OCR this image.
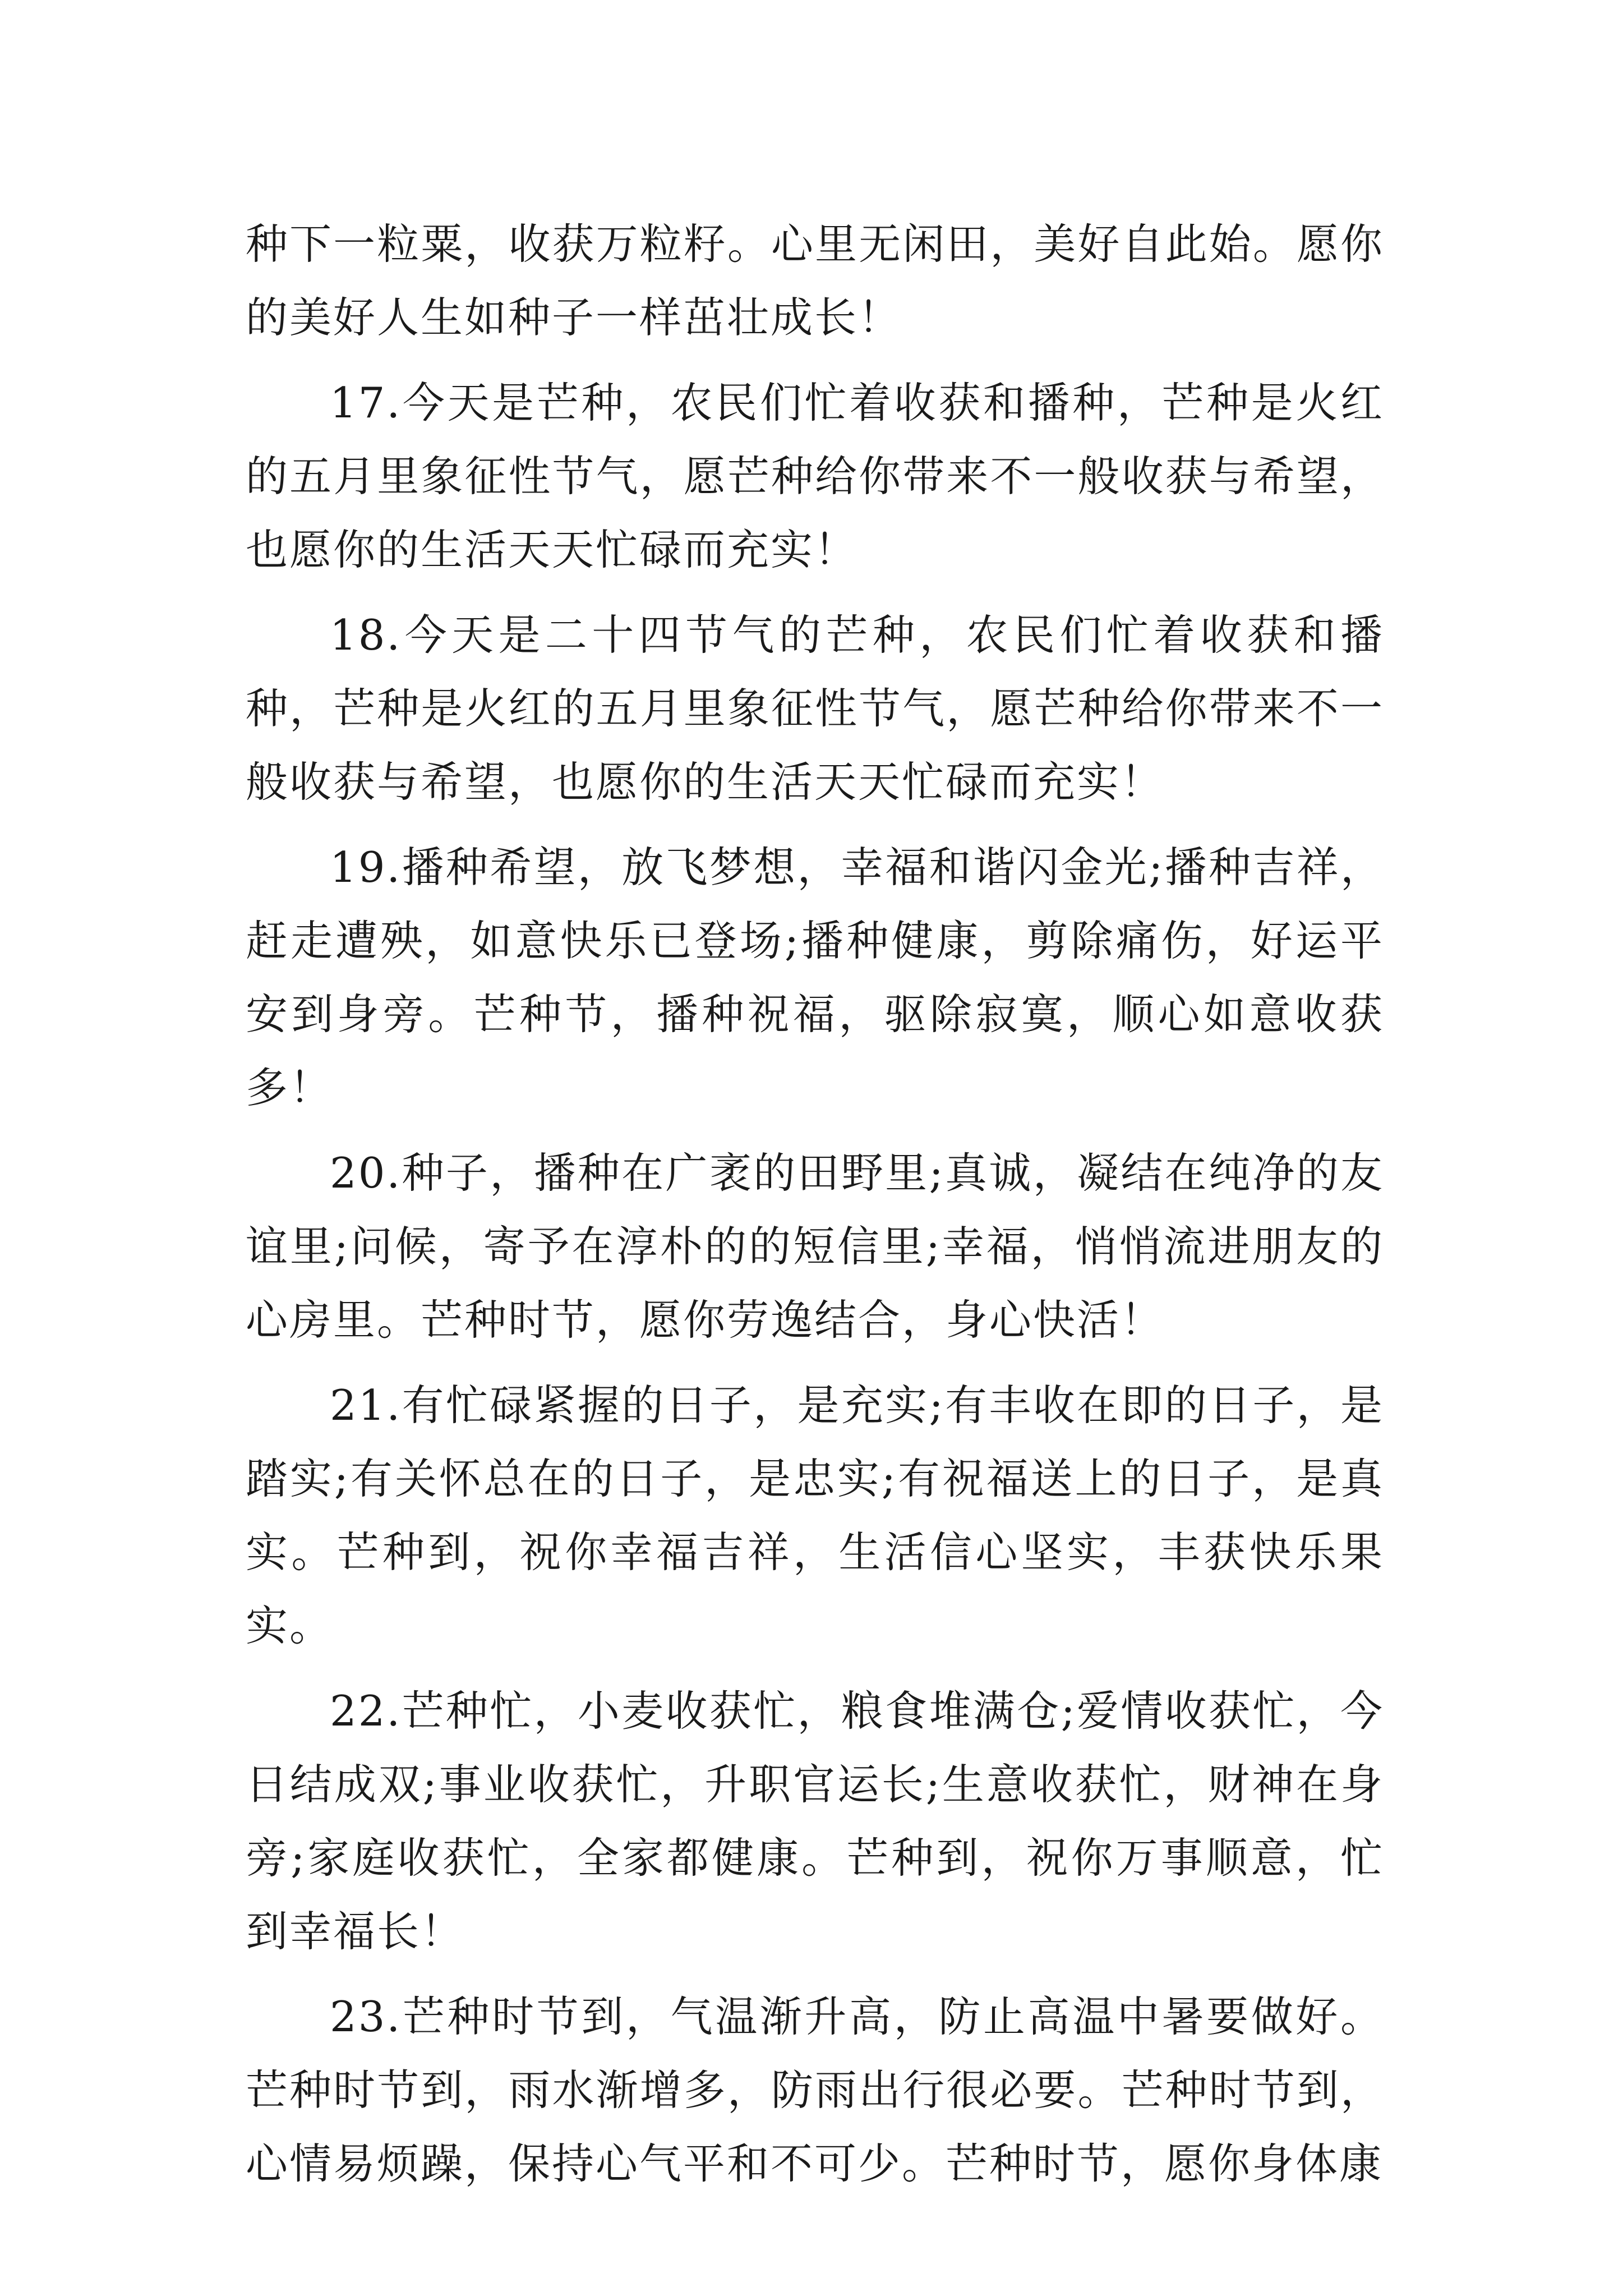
种下一粒粟，收获万粒籽。心里无闲田，美好自此始。愿你的美好人生如种子一样茁壮成长！

17.今天是芒种，农民们忙着收获和播种，芒种是火红的五月里象征性节气，愿芒种给你带来不一般收获与希望，也愿你的生活天天忙碌而充实！

18.今天是二十四节气的芒种，农民们忙着收获和播种，芒种是火红的五月里象征性节气，愿芒种给你带来不一般收获与希望，也愿你的生活天天忙碌而充实！

19.播种希望，放飞梦想，幸福和谐闪金光;播种吉祥，赶走遭殃，如意快乐已登场;播种健康，剪除痛伤，好运平安到身旁。芒种节，播种祝福，驱除寂寞，顺心如意收获多！

20.种子，播种在广袤的田野里;真诚，凝结在纯净的友谊里;问候，寄予在淳朴的的短信里;幸福，悄悄流进朋友的心房里。芒种时节，愿你劳逸结合，身心快活！

21.有忙碌紧握的日子，是充实;有丰收在即的日子，是踏实;有关怀总在的日子，是忠实;有祝福送上的日子，是真实。芒种到，祝你幸福吉祥，生活信心坚实，丰获快乐果实。

22.芒种忙，小麦收获忙，粮食堆满仓;爱情收获忙，今日结成双;事业收获忙，升职官运长;生意收获忙，财神在身旁;家庭收获忙，全家都健康。芒种到，祝你万事顺意，忙到幸福长！

23.芒种时节到，气温渐升高，防止高温中暑要做好。芒种时节到，雨水渐增多，防雨出行很必要。芒种时节到，心情易烦躁，保持心气平和不可少。芒种时节，愿你身体康
